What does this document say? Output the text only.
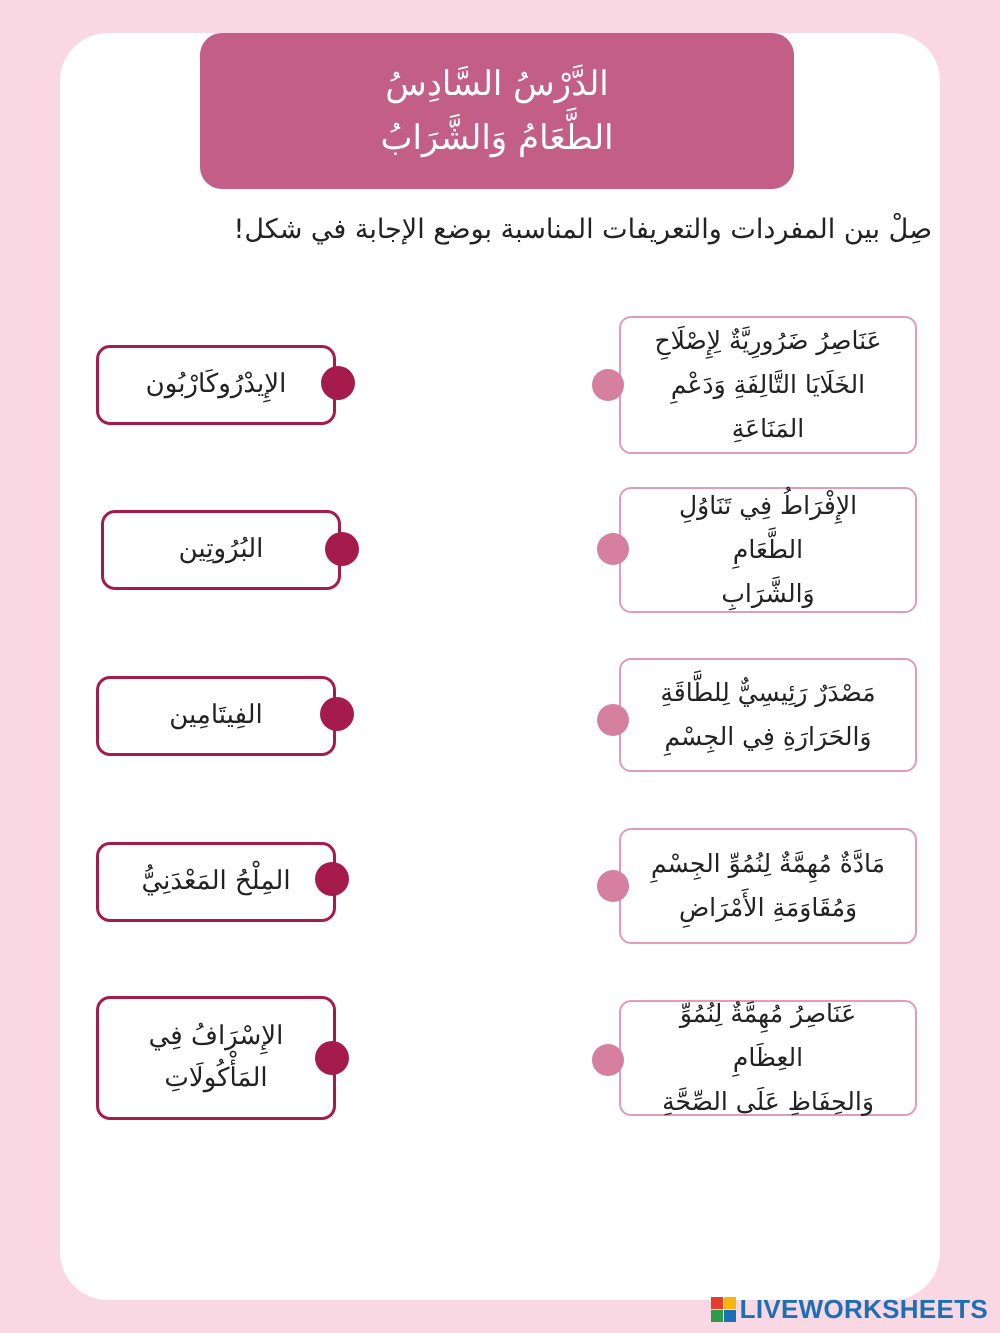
الدَّرْسُ السَّادِسُ
الطَّعَامُ وَالشَّرَابُ
صِلْ بين المفردات والتعريفات المناسبة بوضع الإجابة في شكل!
الإِيدْرُوكَارْبُون
البُرُوتِين
الفِيتَامِين
المِلْحُ المَعْدَنِيُّ
الإِسْرَافُ فِي
المَأْكُولَاتِ
عَنَاصِرُ ضَرُورِيَّةٌ لِإِصْلَاحِ
الخَلَايَا التَّالِفَةِ وَدَعْمِ المَنَاعَةِ
الإِفْرَاطُ فِي تَنَاوُلِ الطَّعَامِ
وَالشَّرَابِ
مَصْدَرٌ رَئِيسِيٌّ لِلطَّاقَةِ
وَالحَرَارَةِ فِي الجِسْمِ
مَادَّةٌ مُهِمَّةٌ لِنُمُوِّ الجِسْمِ
وَمُقَاوَمَةِ الأَمْرَاضِ
عَنَاصِرُ مُهِمَّةٌ لِنُمُوِّ العِظَامِ
وَالحِفَاظِ عَلَى الصِّحَّةِ
LIVEWORKSHEETS
